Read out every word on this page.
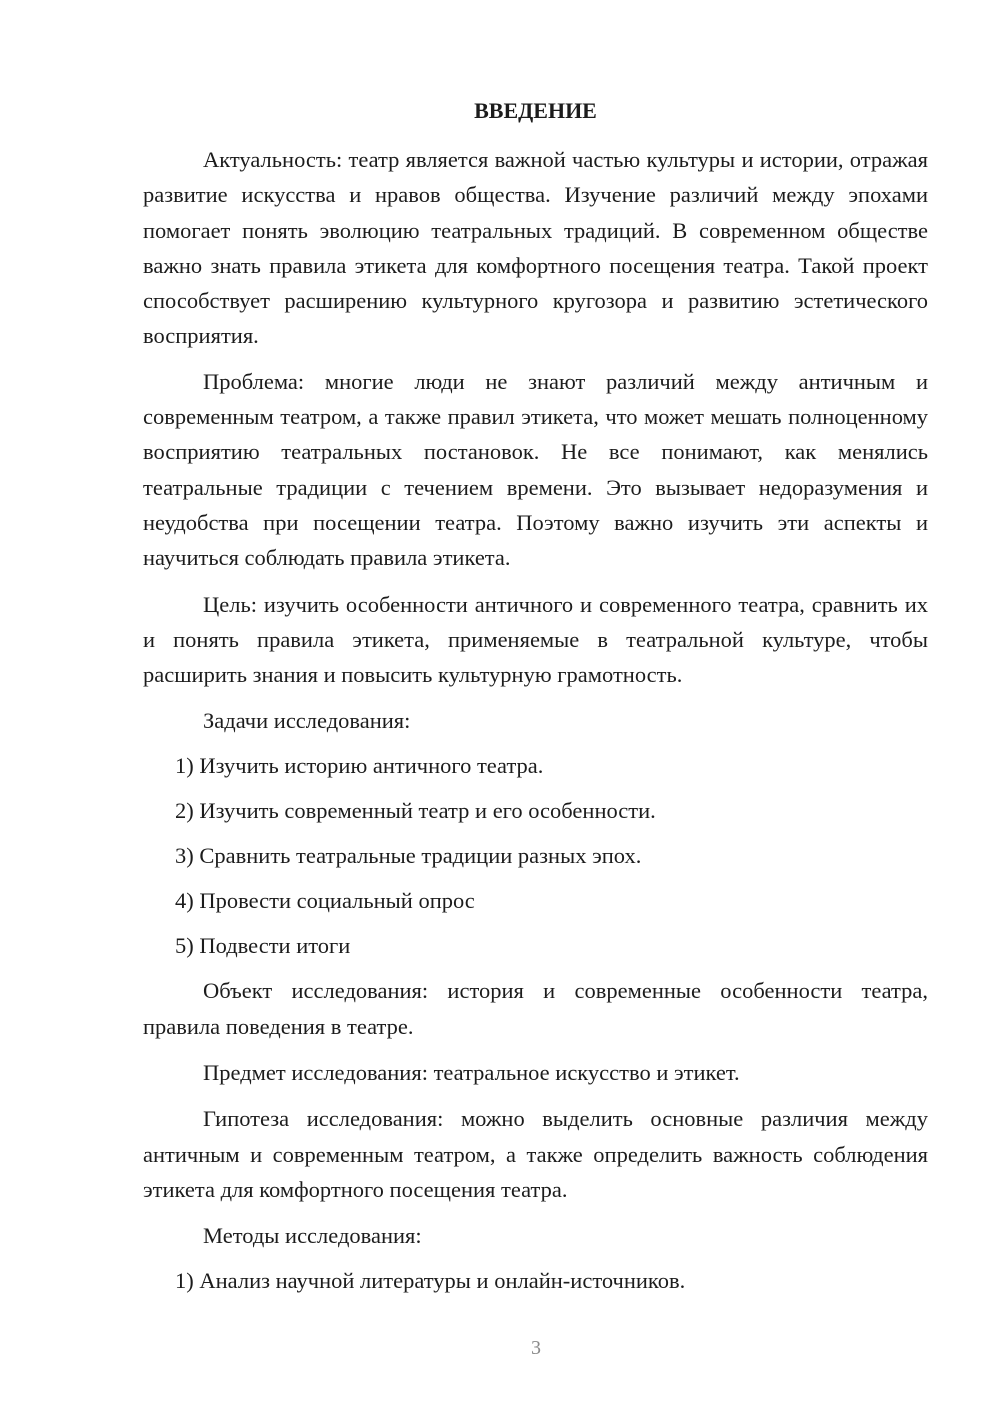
ВВЕДЕНИЕ

Актуальность: театр является важной частью культуры и истории, отражая развитие искусства и нравов общества. Изучение различий между эпохами помогает понять эволюцию театральных традиций. В современном обществе важно знать правила этикета для комфортного посещения театра. Такой проект способствует расширению культурного кругозора и развитию эстетического восприятия.

Проблема: многие люди не знают различий между античным и современным театром, а также правил этикета, что может мешать полноценному восприятию театральных постановок. Не все понимают, как менялись театральные традиции с течением времени. Это вызывает недоразумения и неудобства при посещении театра. Поэтому важно изучить эти аспекты и научиться соблюдать правила этикета.

Цель: изучить особенности античного и современного театра, сравнить их и понять правила этикета, применяемые в театральной культуре, чтобы расширить знания и повысить культурную грамотность.

Задачи исследования:
1) Изучить историю античного театра.
2) Изучить современный театр и его особенности.
3) Сравнить театральные традиции разных эпох.
4) Провести социальный опрос
5) Подвести итоги

Объект исследования: история и современные особенности театра, правила поведения в театре.

Предмет исследования: театральное искусство и этикет.

Гипотеза исследования: можно выделить основные различия между античным и современным театром, а также определить важность соблюдения этикета для комфортного посещения театра.

Методы исследования:
1) Анализ научной литературы и онлайн-источников.
3
